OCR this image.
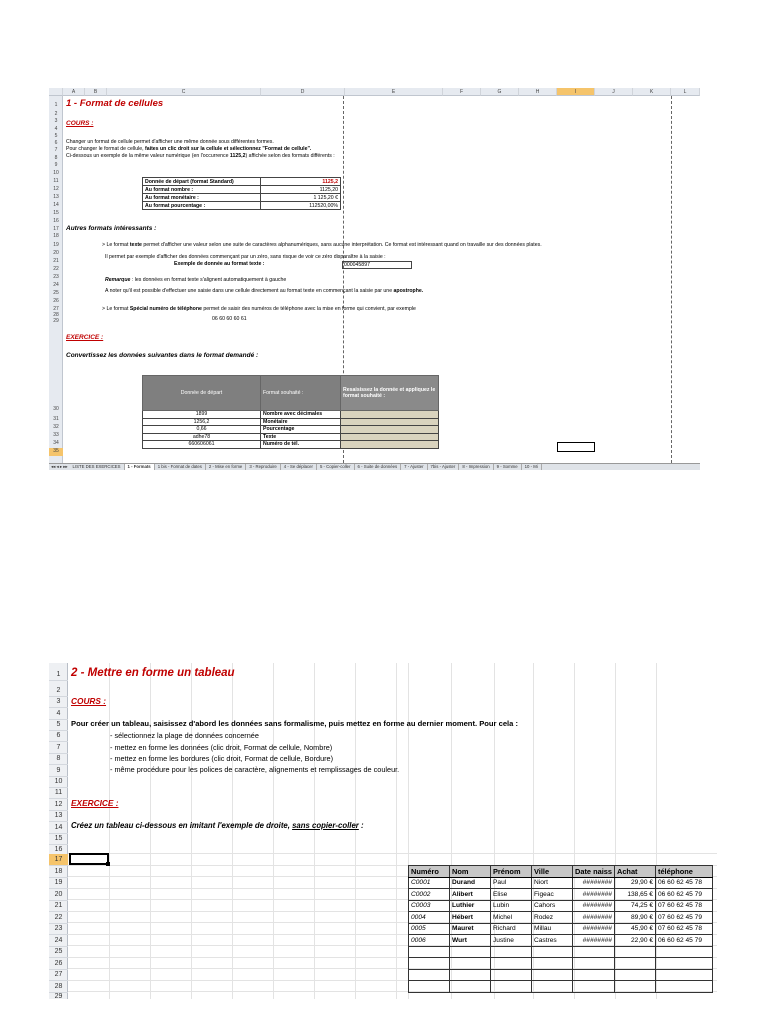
A	B	C	D	E	F	G	H	I	J	K	L
1
2
3
4
5
6
7
8
9
10
11
12
13
14
15
16
17
18
19
20
21
22
23
24
25
26
27
28
29
30
31
32
33
34
35
1 - Format de cellules
COURS :
Changer un format de cellule permet d'afficher une même donnée sous différentes formes.
Pour changer le format de cellule, faites un clic droit sur la cellule et sélectionnez "Format de cellule".
Ci-dessous un exemple de la même valeur numérique (en l'occurrence 1125,2) affichée selon des formats différents :
Donnée de départ (format Standard)	1125,2
Au format nombre :	1125,20
Au format monétaire :	1 125,20 €
Au format pourcentage :	112520,00%
Autres formats intéressants :
> Le format texte permet d'afficher une valeur selon une suite de caractères alphanumériques, sans aucune interprétation. Ce format est intéressant quand on travaille sur des données plates.
Il permet par exemple d'afficher des données commençant par un zéro, sans risque de voir ce zéro disparaître à la saisie :
Exemple de donnée au format texte :	000045897
Remarque : les données en format texte s'alignent automatiquement à gauche
A noter qu'il est possible d'effectuer une saisie dans une cellule directement au format texte en commençant la saisie par une apostrophe.
> Le format Spécial numéro de téléphone permet de saisir des numéros de téléphone avec la mise en forme qui convient, par exemple
06 60 60 60 61
EXERCICE :
Convertissez les données suivantes dans le format demandé :
Donnée de départ	Format souhaité :	Resaisissez la donnée et appliquez le format souhaité :
1899	Nombre avec décimales	
1256,2	Monétaire	
0,66	Pourcentage	
adhe78	Texte	
660606061	Numéro de tél.	
◂◂ ◂ ▸ ▸▸ LISTE DES EXERCICES 1 - Formats 1 bis - Format de dates 2 - Mise en forme 3 - Reproduire 4 - Se déplacer 5 - Copier-coller 6 - Suite de données 7 - Ajuster 7bis - Ajuster 8 - Impression 9 - Somme 10 - Mi
1
2
3
4
5
6
7
8
9
10
11
12
13
14
15
16
17
18
19
20
21
22
23
24
25
26
27
28
29
2 - Mettre en forme un tableau
COURS :
Pour créer un tableau, saisissez d'abord les données sans formalisme, puis mettez en forme au dernier moment. Pour cela :
- sélectionnez la plage de données concernée
- mettez en forme les données (clic droit, Format de cellule, Nombre)
- mettez en forme les bordures (clic droit, Format de cellule, Bordure)
- même procédure pour les polices de caractère, alignements et remplissages de couleur.
EXERCICE :
Créez un tableau ci-dessous en imitant l'exemple de droite, sans copier-coller :
Numéro	Nom	Prénom	Ville	Date naiss	Achat	téléphone
C0001	Durand	Paul	Niort	########	29,90 €	06 60 62 45 78
C0002	Alibert	Elise	Figeac	########	138,65 €	06 60 62 45 79
C0003	Luthier	Lubin	Cahors	########	74,25 €	07 60 62 45 78
0004	Hébert	Michel	Rodez	########	89,90 €	07 60 62 45 79
0005	Mauret	Richard	Millau	########	45,90 €	07 60 62 45 78
0006	Wurt	Justine	Castres	########	22,90 €	06 60 62 45 79
